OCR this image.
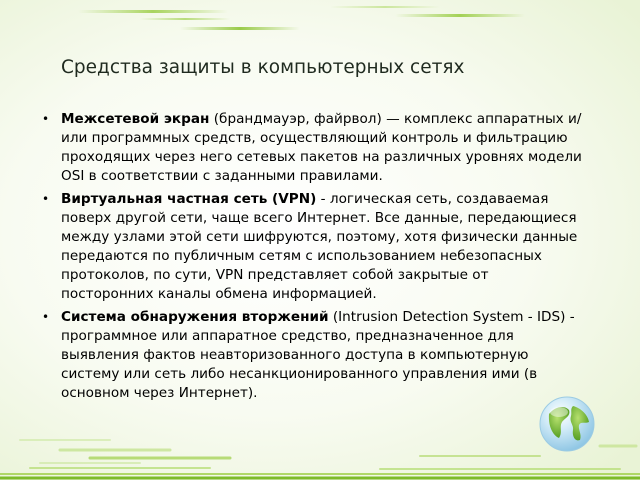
Средства защиты в компьютерных сетях
• Межсетевой экран (брандмауэр, файрвол) — комплекс аппаратных и/или программных средств, осуществляющий контроль и фильтрацию проходящих через него сетевых пакетов на различных уровнях модели OSI в соответствии с заданными правилами.
• Виртуальная частная сеть (VPN) - логическая сеть, создаваемая поверх другой сети, чаще всего Интернет. Все данные, передающиеся между узлами этой сети шифруются, поэтому, хотя физически данные передаются по публичным сетям с использованием небезопасных протоколов, по сути, VPN представляет собой закрытые от посторонних каналы обмена информацией.
• Система обнаружения вторжений (Intrusion Detection System - IDS) - программное или аппаратное средство, предназначенное для выявления фактов неавторизованного доступа в компьютерную систему или сеть либо несанкционированного управления ими (в основном через Интернет).
